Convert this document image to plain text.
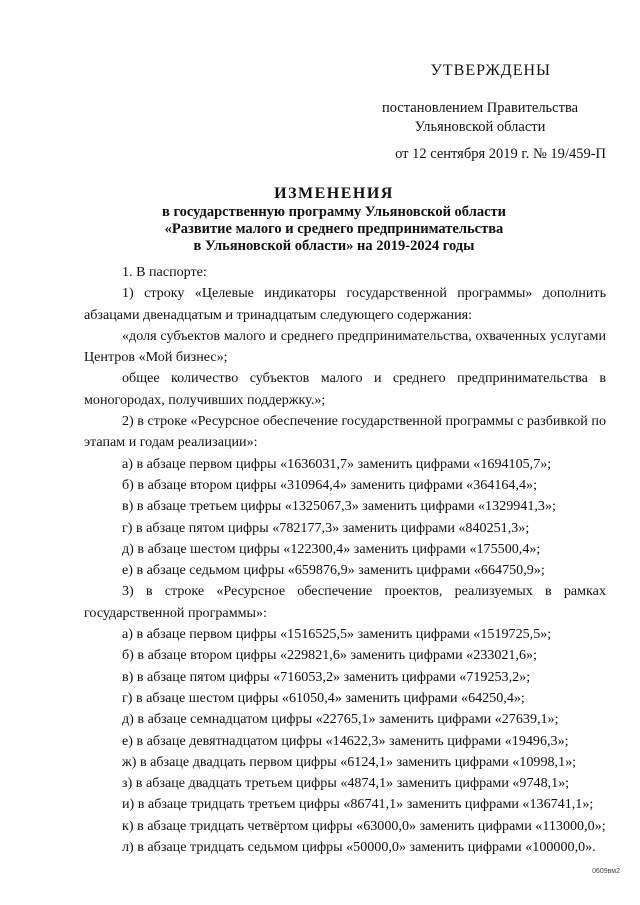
УТВЕРЖДЕНЫ
постановлением Правительства
Ульяновской области
от 12 сентября 2019 г. № 19/459-П
ИЗМЕНЕНИЯ
в государственную программу Ульяновской области
«Развитие малого и среднего предпринимательства
в Ульяновской области» на 2019-2024 годы

1. В паспорте:

1) строку «Целевые индикаторы государственной программы» дополнить абзацами двенадцатым и тринадцатым следующего содержания:

«доля субъектов малого и среднего предпринимательства, охваченных услугами Центров «Мой бизнес»;

общее количество субъектов малого и среднего предпринимательства в моногородах, получивших поддержку.»;

2) в строке «Ресурсное обеспечение государственной программы с разбивкой по этапам и годам реализации»:

а) в абзаце первом цифры «1636031,7» заменить цифрами «1694105,7»;

б) в абзаце втором цифры «310964,4» заменить цифрами «364164,4»;

в) в абзаце третьем цифры «1325067,3» заменить цифрами «1329941,3»;

г) в абзаце пятом цифры «782177,3» заменить цифрами «840251,3»;

д) в абзаце шестом цифры «122300,4» заменить цифрами «175500,4»;

е) в абзаце седьмом цифры «659876,9» заменить цифрами «664750,9»;

3) в строке «Ресурсное обеспечение проектов, реализуемых в рамках государственной программы»:

а) в абзаце первом цифры «1516525,5» заменить цифрами «1519725,5»;

б) в абзаце втором цифры «229821,6» заменить цифрами «233021,6»;

в) в абзаце пятом цифры «716053,2» заменить цифрами «719253,2»;

г) в абзаце шестом цифры «61050,4» заменить цифрами «64250,4»;

д) в абзаце семнадцатом цифры «22765,1» заменить цифрами «27639,1»;

е) в абзаце девятнадцатом цифры «14622,3» заменить цифрами «19496,3»;

ж) в абзаце двадцать первом цифры «6124,1» заменить цифрами «10998,1»;

з) в абзаце двадцать третьем цифры «4874,1» заменить цифрами «9748,1»;

и) в абзаце тридцать третьем цифры «86741,1» заменить цифрами «136741,1»;

к) в абзаце тридцать четвёртом цифры «63000,0» заменить цифрами «113000,0»;

л) в абзаце тридцать седьмом цифры «50000,0» заменить цифрами «100000,0».

0609вм2
